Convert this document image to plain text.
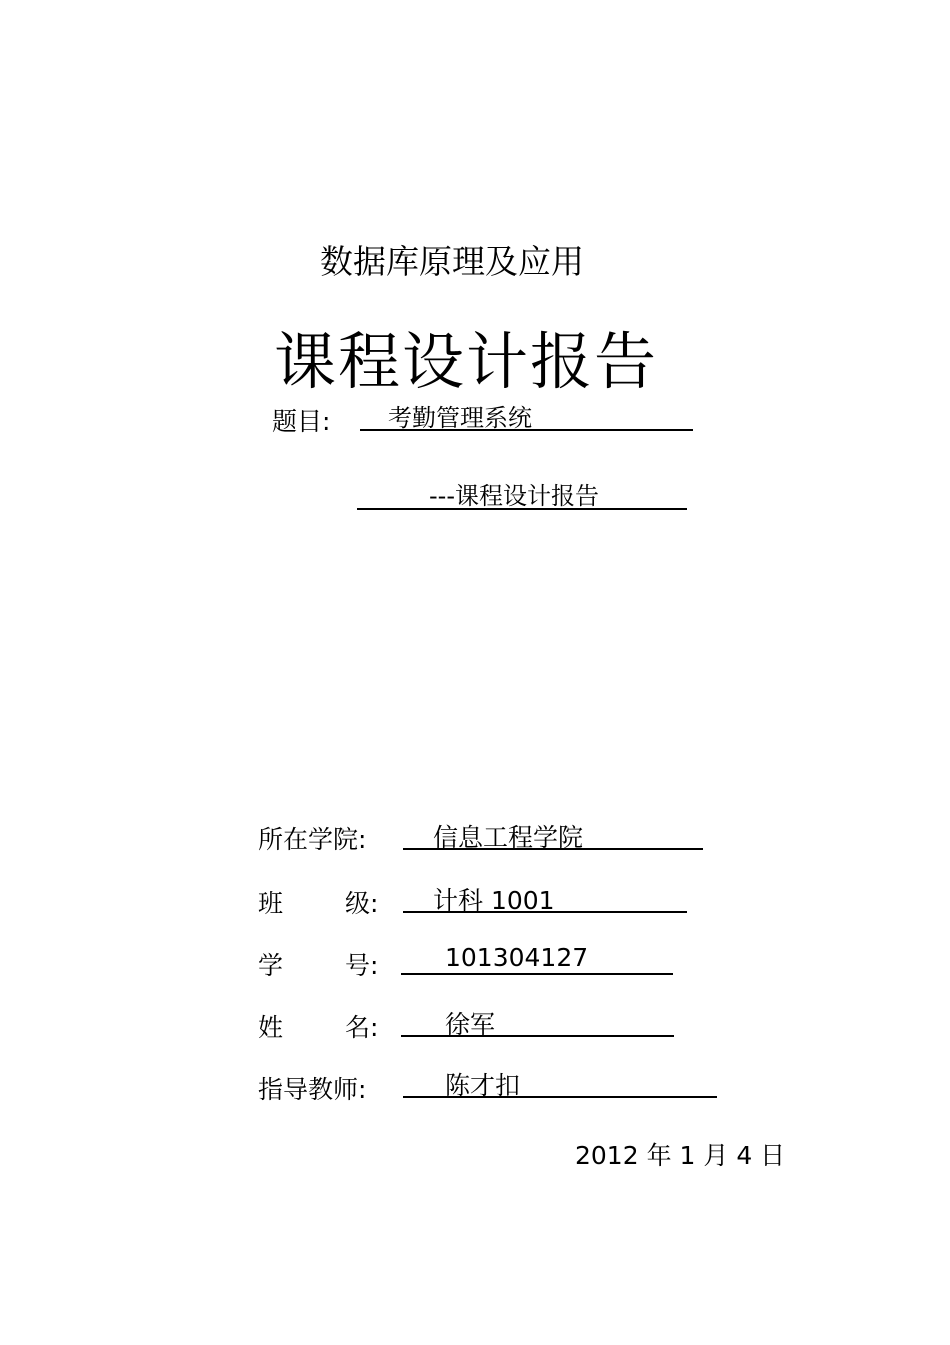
数据库原理及应用
课程设计报告
题目:	考勤管理系统
---课程设计报告
所在学院:	信息工程学院
班 级:	计科 1001
学 号:	101304127
姓 名:	徐军
指导教师:	陈才扣
2012 年 1 月 4 日
